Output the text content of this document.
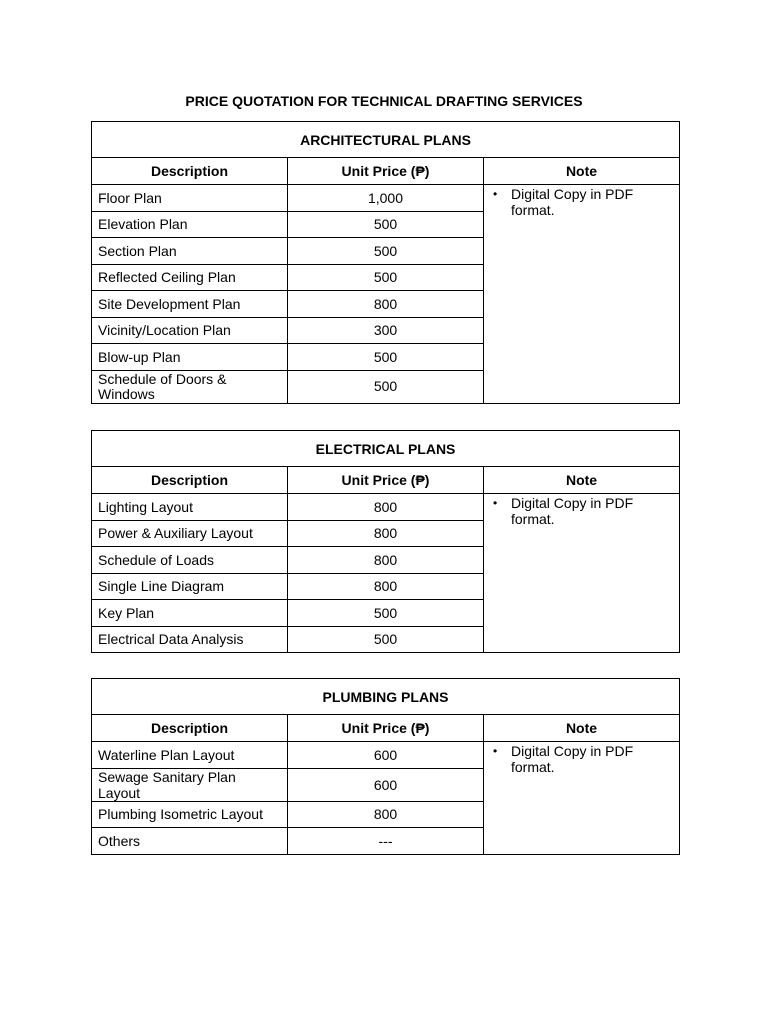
PRICE QUOTATION FOR TECHNICAL DRAFTING SERVICES
ARCHITECTURAL PLANS		
Description	Unit Price (₱)	Note
Floor Plan	1,000	• Digital Copy in PDF format.

Elevation Plan	500	
Section Plan	500	
Reflected Ceiling Plan	500	
Site Development Plan	800	
Vicinity/Location Plan	300	
Blow-up Plan	500	
Schedule of Doors & Windows	500	
ELECTRICAL PLANS		
Description	Unit Price (₱)	Note
Lighting Layout	800	• Digital Copy in PDF format.

Power & Auxiliary Layout	800	
Schedule of Loads	800	
Single Line Diagram	800	
Key Plan	500	
Electrical Data Analysis	500	
PLUMBING PLANS		
Description	Unit Price (₱)	Note
Waterline Plan Layout	600	• Digital Copy in PDF format.

Sewage Sanitary Plan Layout	600	
Plumbing Isometric Layout	800	
Others	---	
